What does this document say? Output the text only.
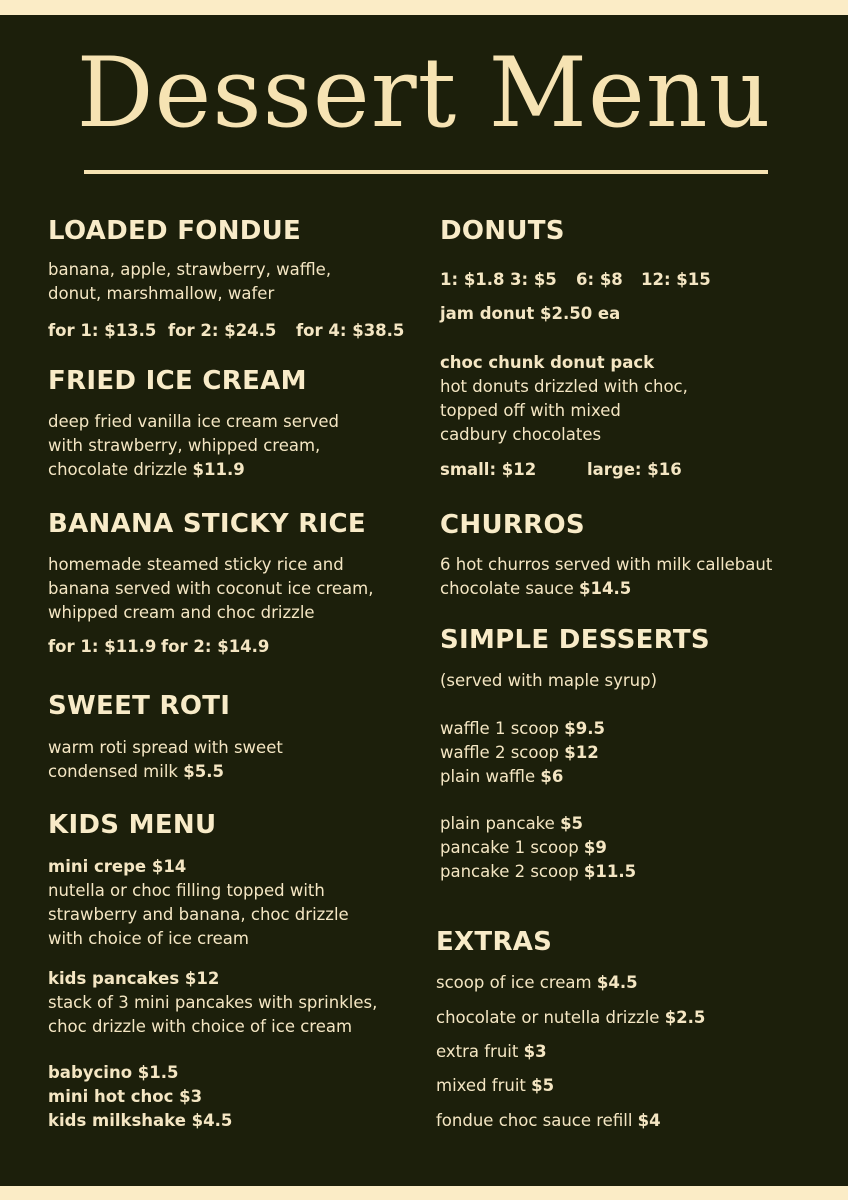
Dessert Menu
LOADED FONDUE
banana, apple, strawberry, waffle,
donut, marshmallow, wafer
for 1: $13.5 for 2: $24.5 for 4: $38.5
FRIED ICE CREAM
deep fried vanilla ice cream served
with strawberry, whipped cream,
chocolate drizzle $11.9
BANANA STICKY RICE
homemade steamed sticky rice and
banana served with coconut ice cream,
whipped cream and choc drizzle
for 1: $11.9 for 2: $14.9
SWEET ROTI
warm roti spread with sweet
condensed milk $5.5
KIDS MENU
mini crepe $14
nutella or choc filling topped with
strawberry and banana, choc drizzle
with choice of ice cream
kids pancakes $12
stack of 3 mini pancakes with sprinkles,
choc drizzle with choice of ice cream
babycino $1.5
mini hot choc $3
kids milkshake $4.5
DONUTS
1: $1.8 3: $5 6: $8 12: $15
jam donut $2.50 ea
choc chunk donut pack
hot donuts drizzled with choc,
topped off with mixed
cadbury chocolates
small: $12	large: $16
CHURROS
6 hot churros served with milk callebaut
chocolate sauce $14.5
SIMPLE DESSERTS
(served with maple syrup)
waffle 1 scoop $9.5
waffle 2 scoop $12
plain waffle $6
plain pancake $5
pancake 1 scoop $9
pancake 2 scoop $11.5
EXTRAS
scoop of ice cream $4.5
chocolate or nutella drizzle $2.5
extra fruit $3
mixed fruit $5
fondue choc sauce refill $4
